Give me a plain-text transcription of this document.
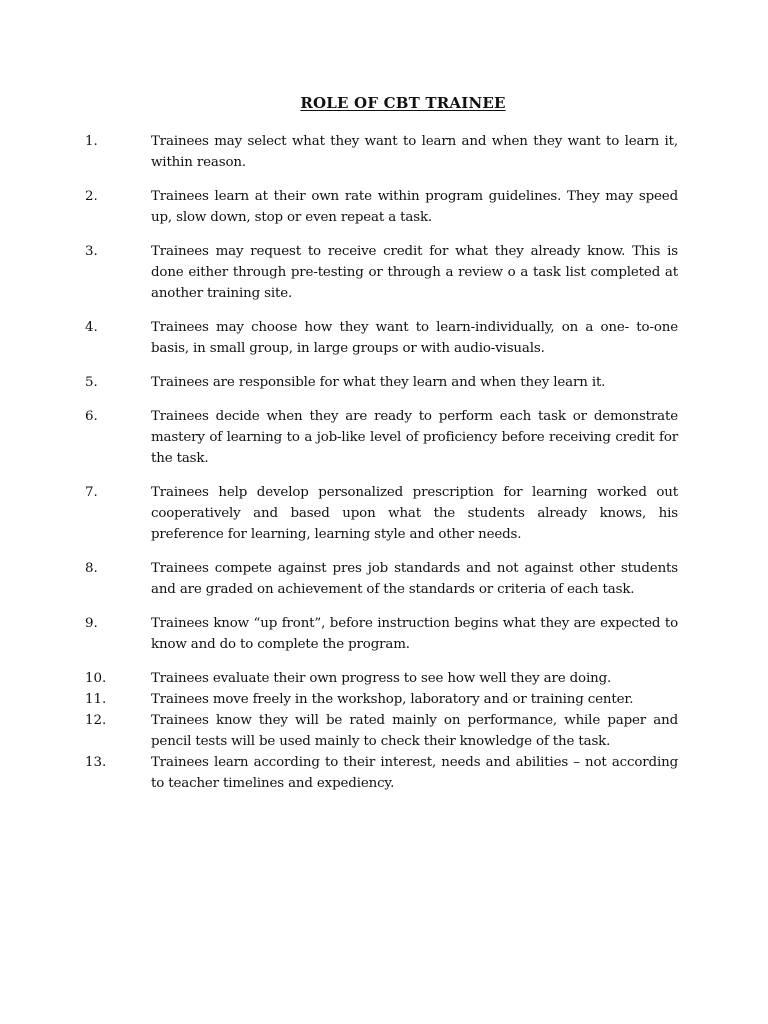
ROLE OF CBT TRAINEE
1.	Trainees may select what they want to learn and when they want to learn it, within reason.
2.	Trainees learn at their own rate within program guidelines. They may speed up, slow down, stop or even repeat a task.
3.	Trainees may request to receive credit for what they already know. This is done either through pre-testing or through a review o a task list completed at another training site.
4.	Trainees may choose how they want to learn-individually, on a one- to-one basis, in small group, in large groups or with audio-visuals.
5.	Trainees are responsible for what they learn and when they learn it.
6.	Trainees decide when they are ready to perform each task or demonstrate mastery of learning to a job-like level of proficiency before receiving credit for the task.
7.	Trainees help develop personalized prescription for learning worked out cooperatively and based upon what the students already knows, his preference for learning, learning style and other needs.
8.	Trainees compete against pres job standards and not against other students and are graded on achievement of the standards or criteria of each task.
9.	Trainees know “up front”, before instruction begins what they are expected to know and do to complete the program.
10.	Trainees evaluate their own progress to see how well they are doing.
11.	Trainees move freely in the workshop, laboratory and or training center.
12.	Trainees know they will be rated mainly on performance, while paper and pencil tests will be used mainly to check their knowledge of the task.
13.	Trainees learn according to their interest, needs and abilities – not according to teacher timelines and expediency.
